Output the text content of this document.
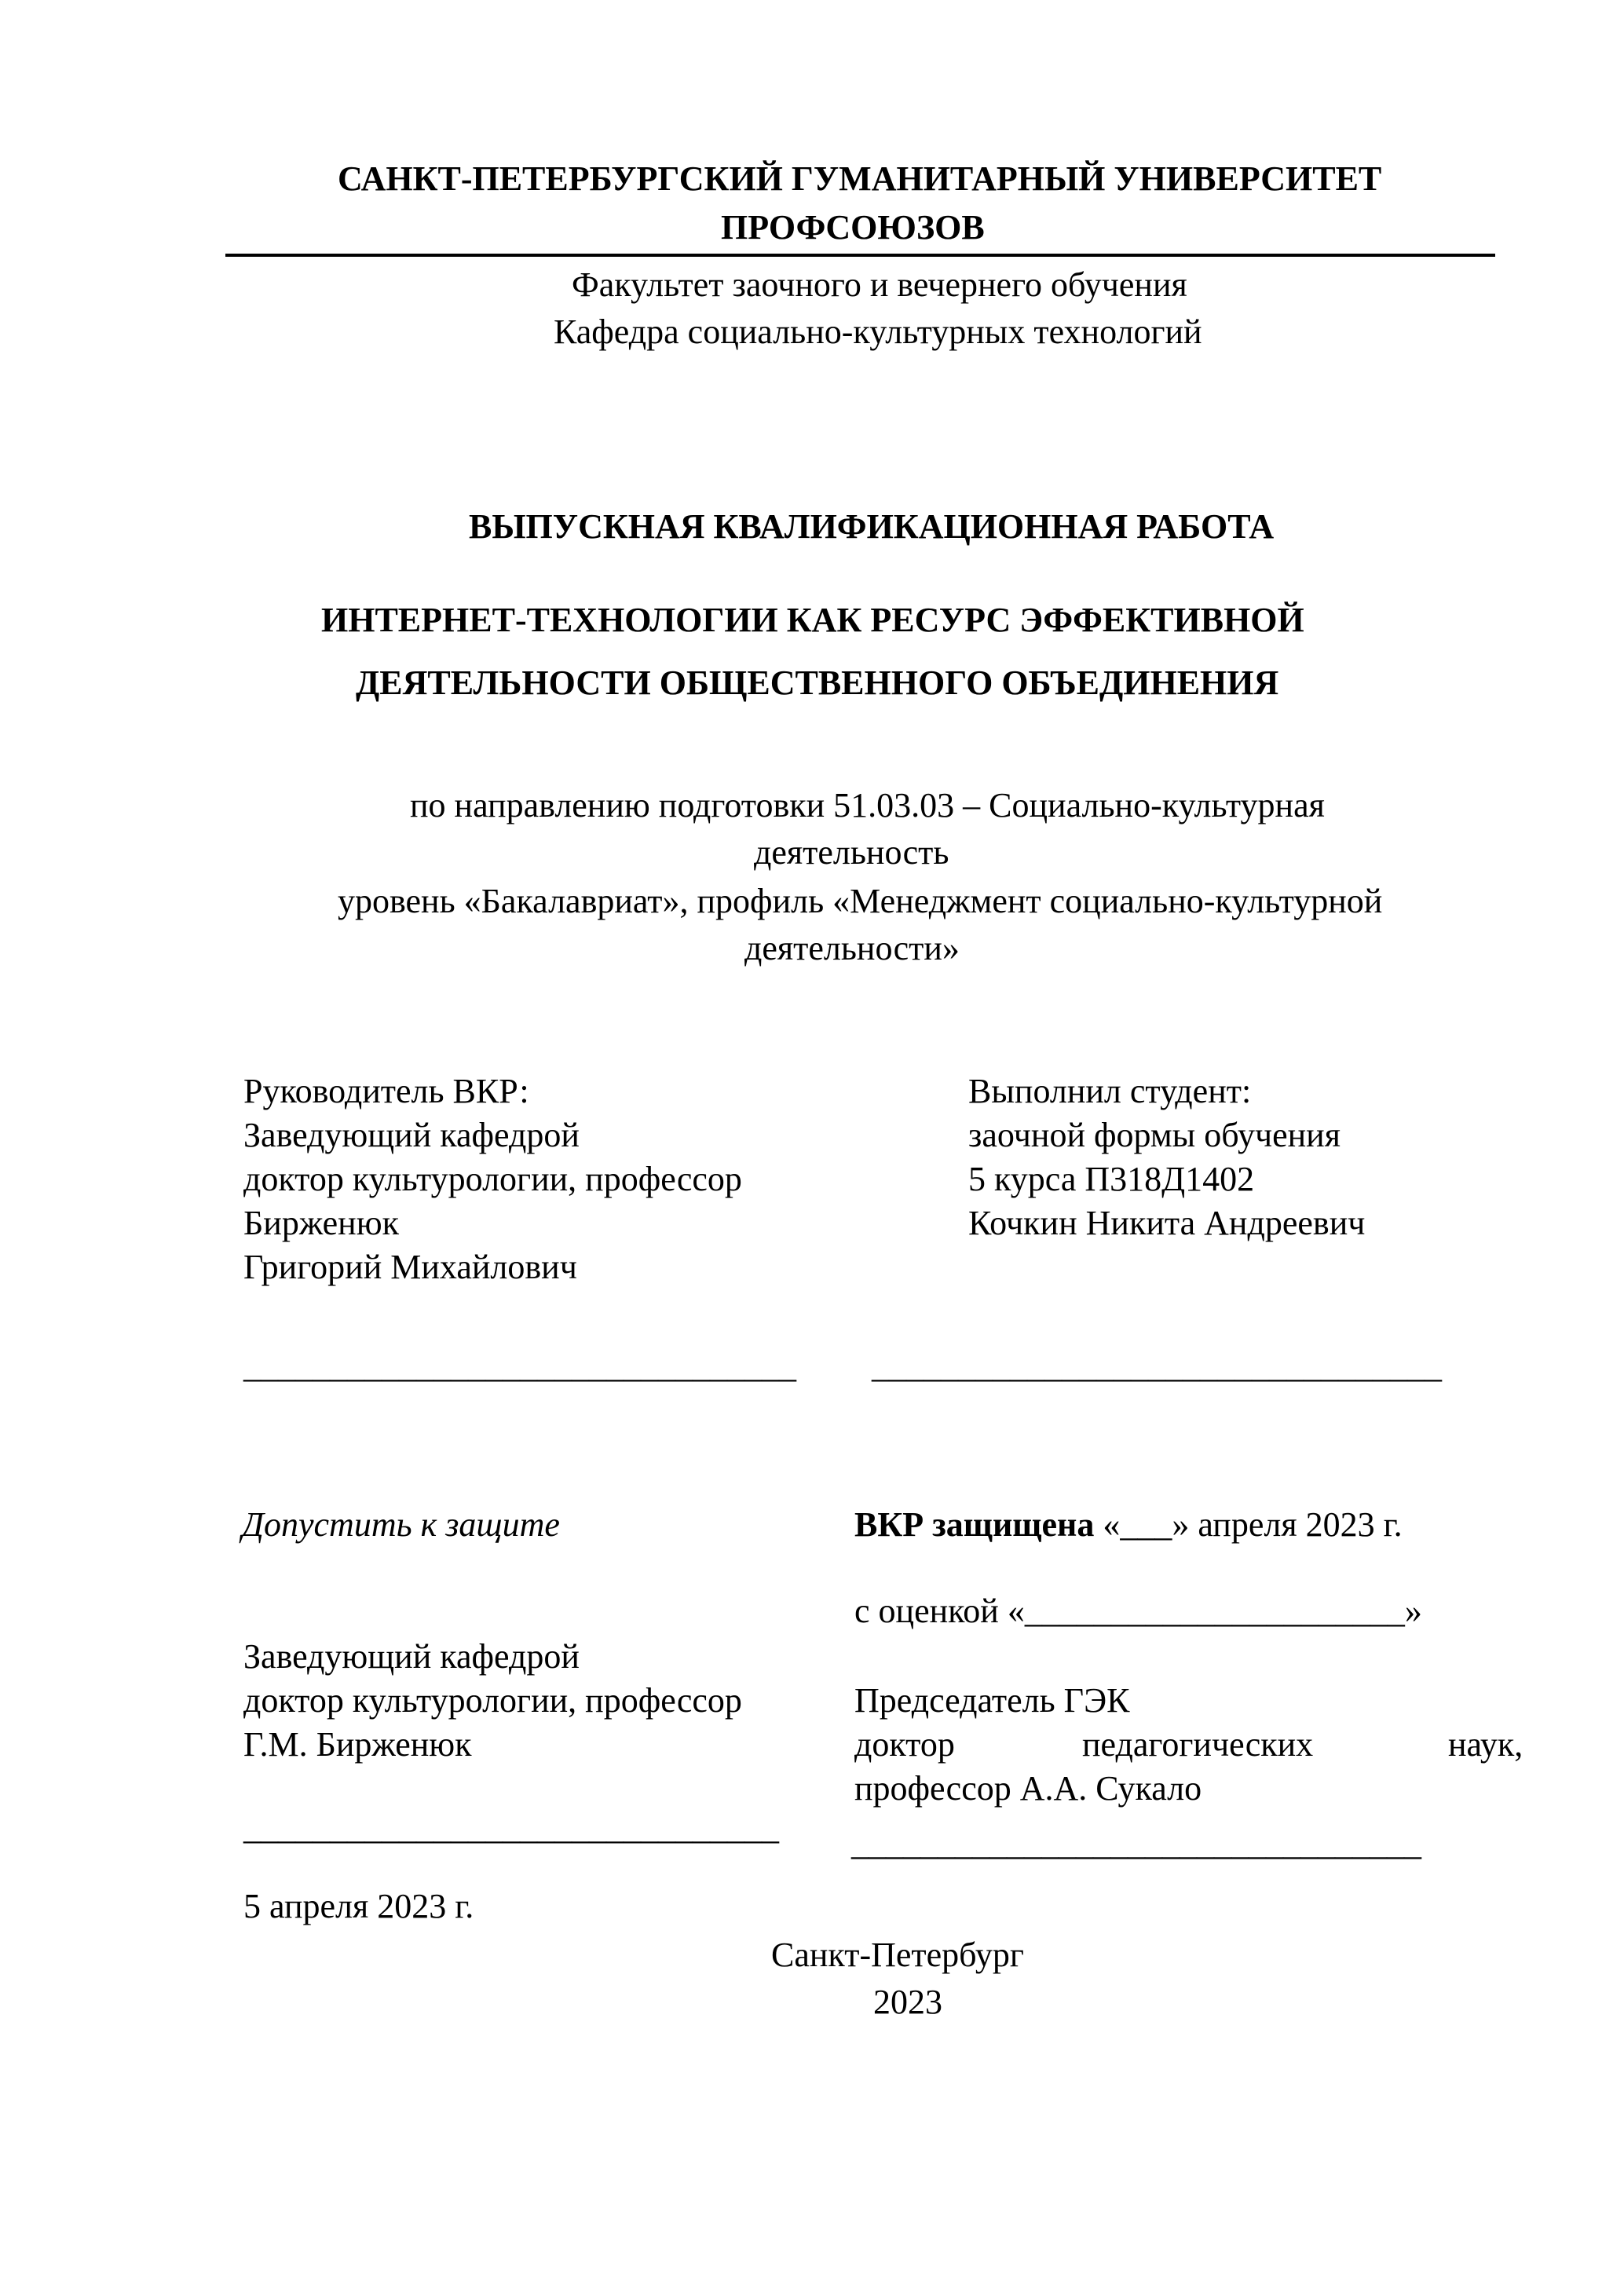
САНКТ-ПЕТЕРБУРГСКИЙ ГУМАНИТАРНЫЙ УНИВЕРСИТЕТ
ПРОФСОЮЗОВ
Факультет заочного и вечернего обучения
Кафедра социально-культурных технологий
ВЫПУСКНАЯ КВАЛИФИКАЦИОННАЯ РАБОТА
ИНТЕРНЕТ-ТЕХНОЛОГИИ КАК РЕСУРС ЭФФЕКТИВНОЙ
ДЕЯТЕЛЬНОСТИ ОБЩЕСТВЕННОГО ОБЪЕДИНЕНИЯ
по направлению подготовки 51.03.03 – Социально-культурная
деятельность
уровень «Бакалавриат», профиль «Менеджмент социально-культурной
деятельности»
Руководитель ВКР:
Заведующий кафедрой
доктор культурологии, профессор
Бирженюк
Григорий Михайлович
________________________________
Выполнил студент:
заочной формы обучения
5 курса П318Д1402
Кочкин Никита Андреевич
_________________________________
Допустить к защите
Заведующий кафедрой
доктор культурологии, профессор
Г.М. Бирженюк
_______________________________
5 апреля 2023 г.
ВКР защищена «___» апреля 2023 г.
с оценкой «______________________»
Председатель ГЭК
доктор	педагогических	наук,
профессор А.А. Сукало
_________________________________
Санкт-Петербург
2023
